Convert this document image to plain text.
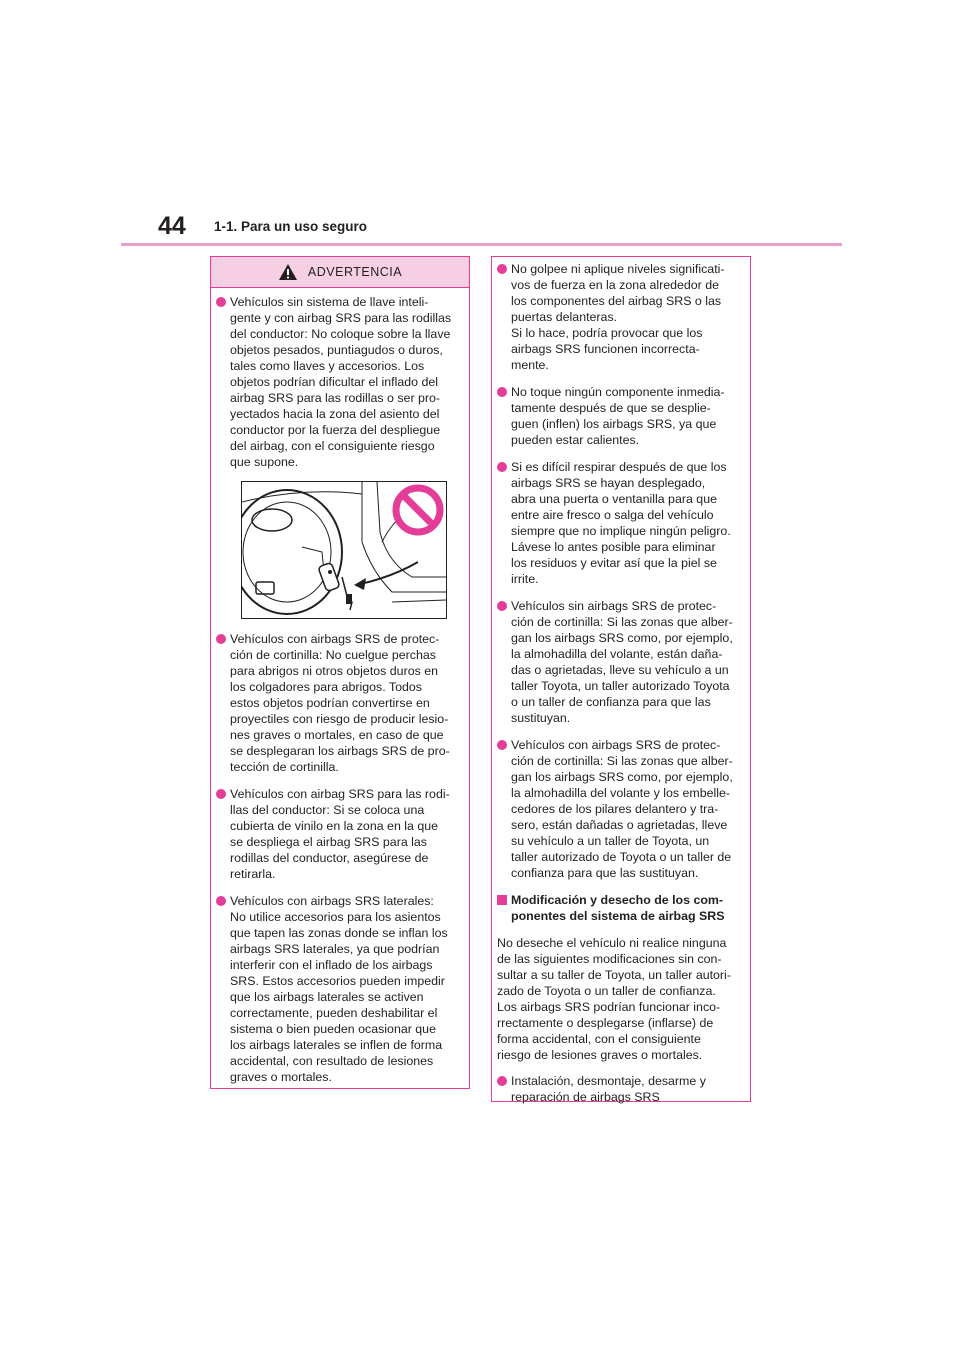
44 1-1. Para un uso seguro
ADVERTENCIA
Vehículos sin sistema de llave inteli-
gente y con airbag SRS para las rodillas
del conductor: No coloque sobre la llave
objetos pesados, puntiagudos o duros,
tales como llaves y accesorios. Los
objetos podrían dificultar el inflado del
airbag SRS para las rodillas o ser pro-
yectados hacia la zona del asiento del
conductor por la fuerza del despliegue
del airbag, con el consiguiente riesgo
que supone.
Vehículos con airbags SRS de protec-
ción de cortinilla: No cuelgue perchas
para abrigos ni otros objetos duros en
los colgadores para abrigos. Todos
estos objetos podrían convertirse en
proyectiles con riesgo de producir lesio-
nes graves o mortales, en caso de que
se desplegaran los airbags SRS de pro-
tección de cortinilla.
Vehículos con airbag SRS para las rodi-
llas del conductor: Si se coloca una
cubierta de vinilo en la zona en la que
se despliega el airbag SRS para las
rodillas del conductor, asegúrese de
retirarla.
Vehículos con airbags SRS laterales:
No utilice accesorios para los asientos
que tapen las zonas donde se inflan los
airbags SRS laterales, ya que podrían
interferir con el inflado de los airbags
SRS. Estos accesorios pueden impedir
que los airbags laterales se activen
correctamente, pueden deshabilitar el
sistema o bien pueden ocasionar que
los airbags laterales se inflen de forma
accidental, con resultado de lesiones
graves o mortales.
No golpee ni aplique niveles significati-
vos de fuerza en la zona alrededor de
los componentes del airbag SRS o las
puertas delanteras.
Si lo hace, podría provocar que los
airbags SRS funcionen incorrecta-
mente.
No toque ningún componente inmedia-
tamente después de que se desplie-
guen (inflen) los airbags SRS, ya que
pueden estar calientes.
Si es difícil respirar después de que los
airbags SRS se hayan desplegado,
abra una puerta o ventanilla para que
entre aire fresco o salga del vehículo
siempre que no implique ningún peligro.
Lávese lo antes posible para eliminar
los residuos y evitar así que la piel se
irrite.
Vehículos sin airbags SRS de protec-
ción de cortinilla: Si las zonas que alber-
gan los airbags SRS como, por ejemplo,
la almohadilla del volante, están daña-
das o agrietadas, lleve su vehículo a un
taller Toyota, un taller autorizado Toyota
o un taller de confianza para que las
sustituyan.
Vehículos con airbags SRS de protec-
ción de cortinilla: Si las zonas que alber-
gan los airbags SRS como, por ejemplo,
la almohadilla del volante y los embelle-
cedores de los pilares delantero y tra-
sero, están dañadas o agrietadas, lleve
su vehículo a un taller de Toyota, un
taller autorizado de Toyota o un taller de
confianza para que las sustituyan.
Modificación y desecho de los com-
ponentes del sistema de airbag SRS
No deseche el vehículo ni realice ninguna
de las siguientes modificaciones sin con-
sultar a su taller de Toyota, un taller autori-
zado de Toyota o un taller de confianza.
Los airbags SRS podrían funcionar inco-
rrectamente o desplegarse (inflarse) de
forma accidental, con el consiguiente
riesgo de lesiones graves o mortales.
Instalación, desmontaje, desarme y
reparación de airbags SRS
